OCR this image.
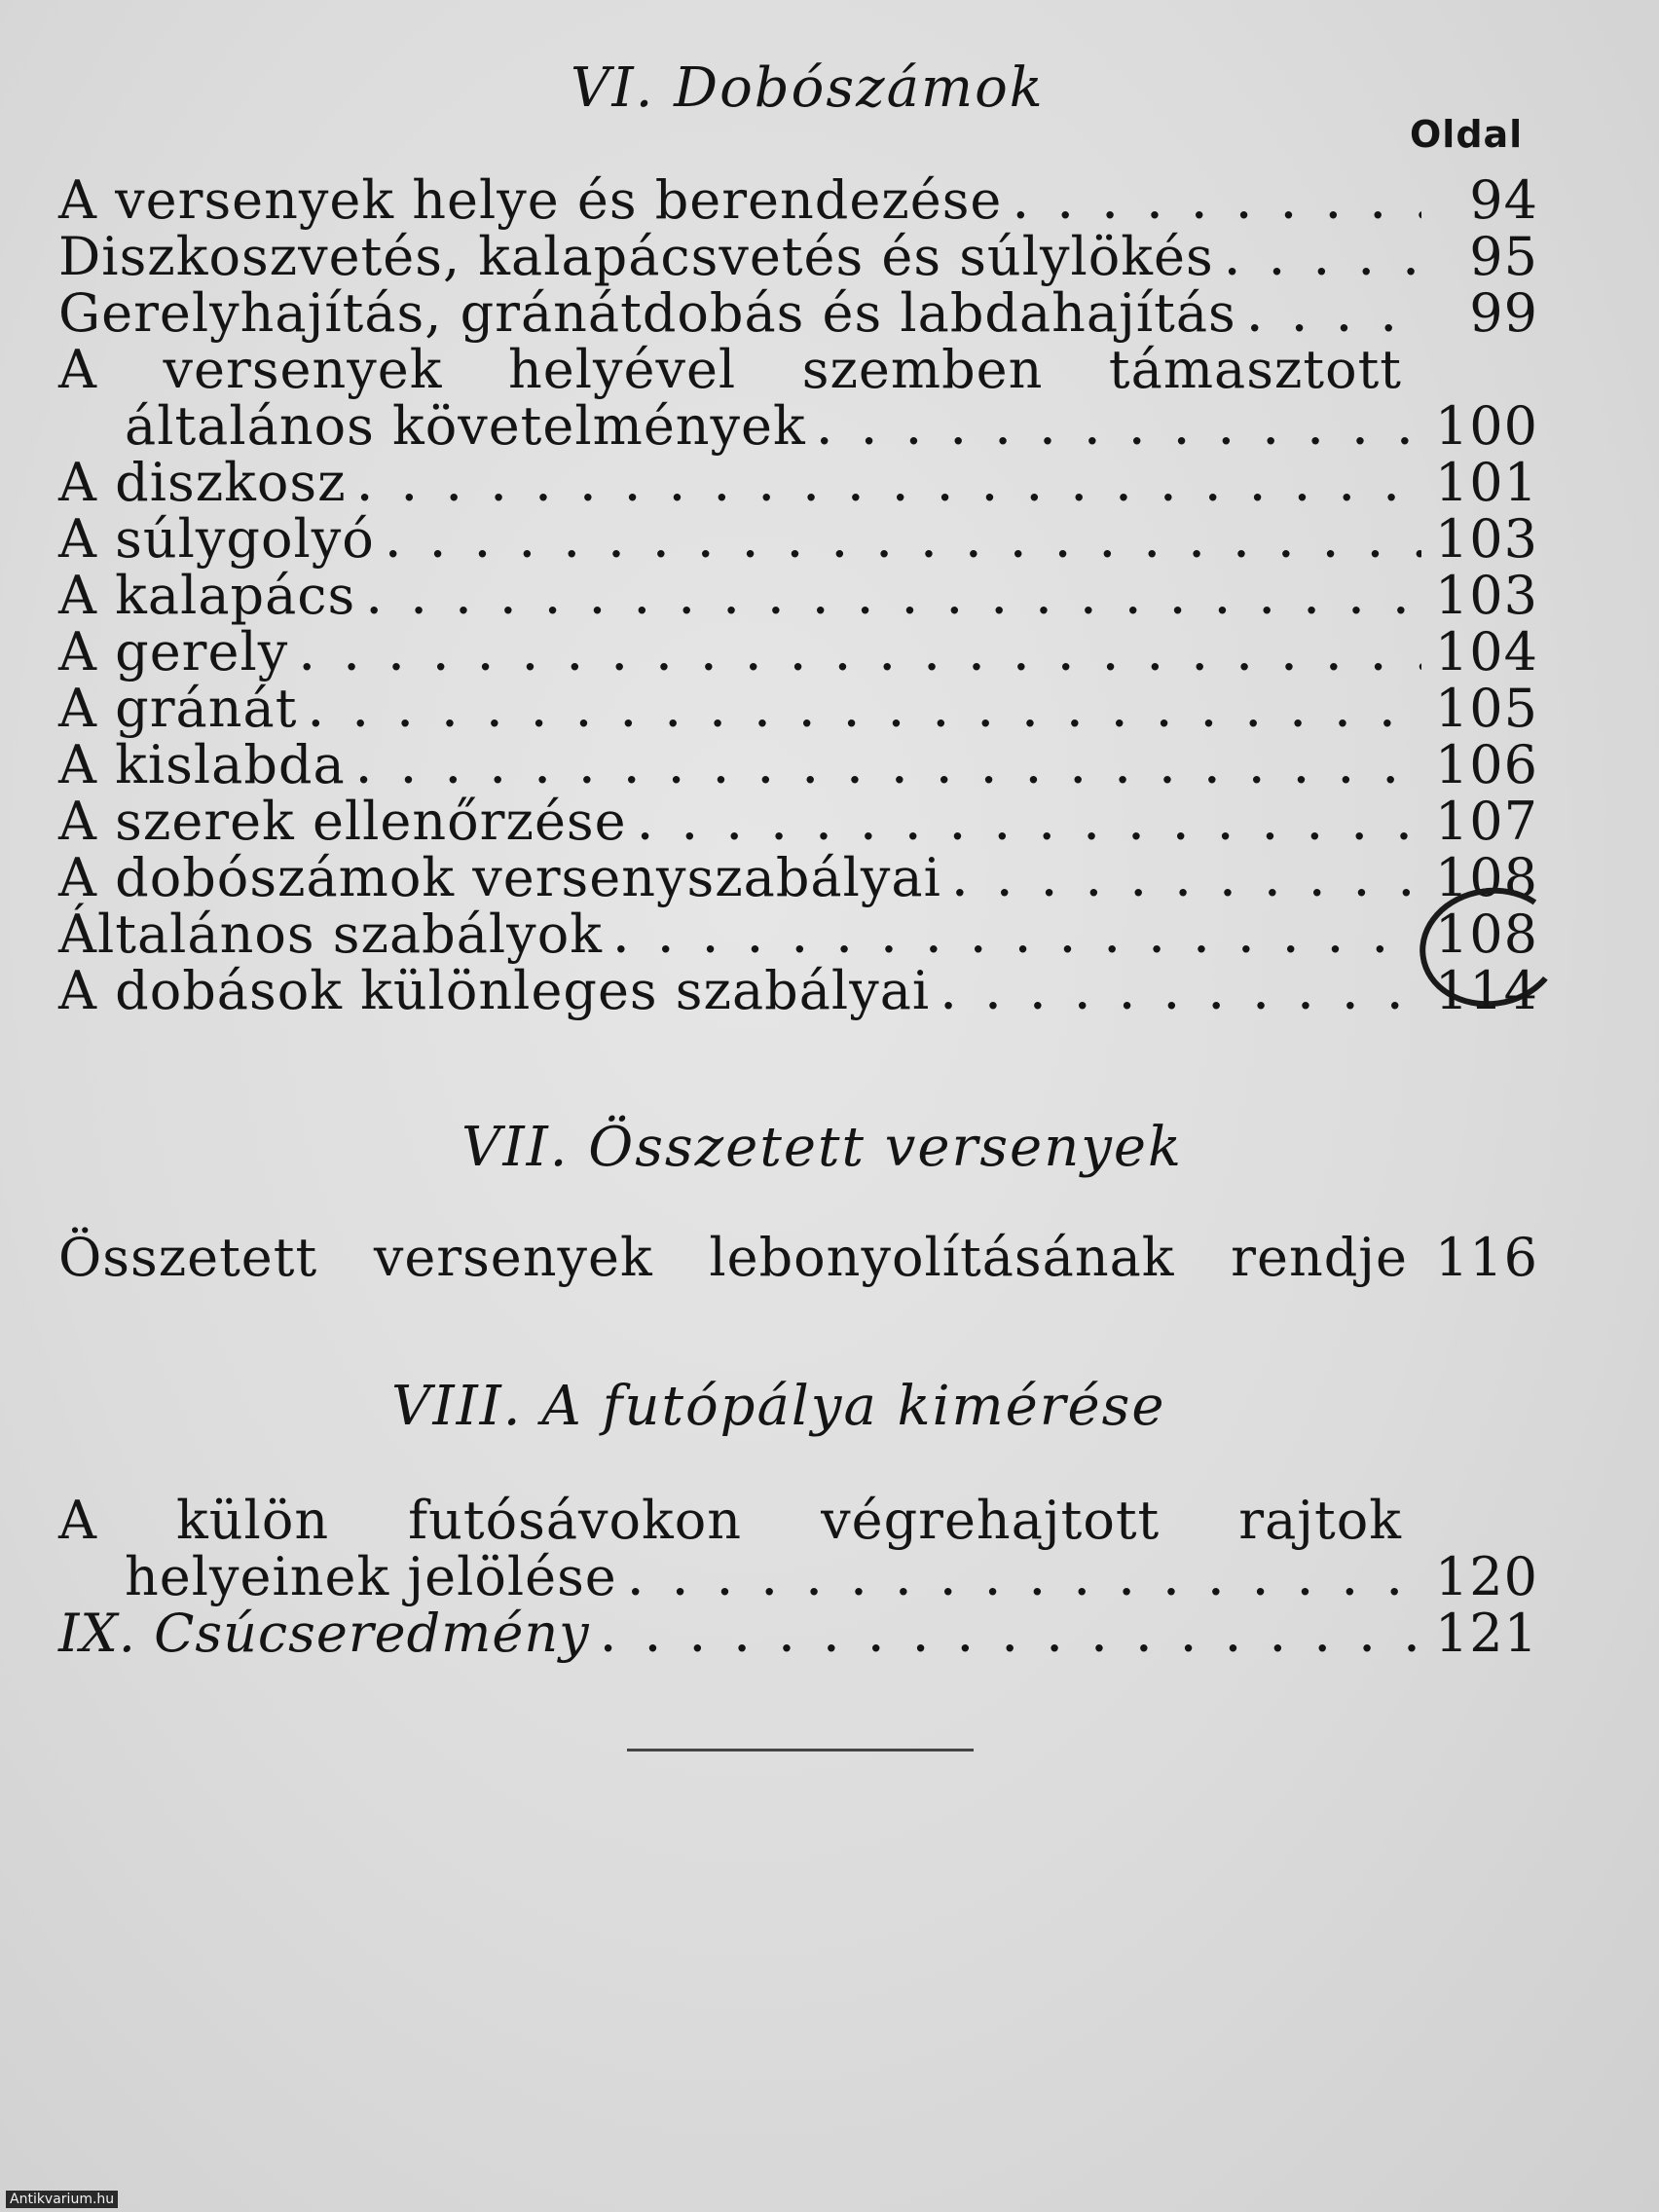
VI. Dobószámok
Oldal
A versenyek helye és berendezése . . .	94
Diszkoszvetés, kalapácsvetés és súlylökés . . .	95
Gerelyhajítás, gránátdobás és labdahajítás . . .	99
A versenyek helyével szemben támasztott
általános követelmények . . .	100
A diszkosz . . .	101
A súlygolyó . . .	103
A kalapács . . .	103
A gerely . . .	104
A gránát . . .	105
A kislabda . . .	106
A szerek ellenőrzése . . .	107
A dobószámok versenyszabályai . . .	108
Általános szabályok . . .	108
A dobások különleges szabályai . . .	114
VII. Összetett versenyek
Összetett versenyek lebonyolításának rendje 116
VIII. A futópálya kimérése
A külön futósávokon végrehajtott rajtok
helyeinek jelölése . . .	120
IX. Csúcseredmény . . .	121
Antikvarium.hu
